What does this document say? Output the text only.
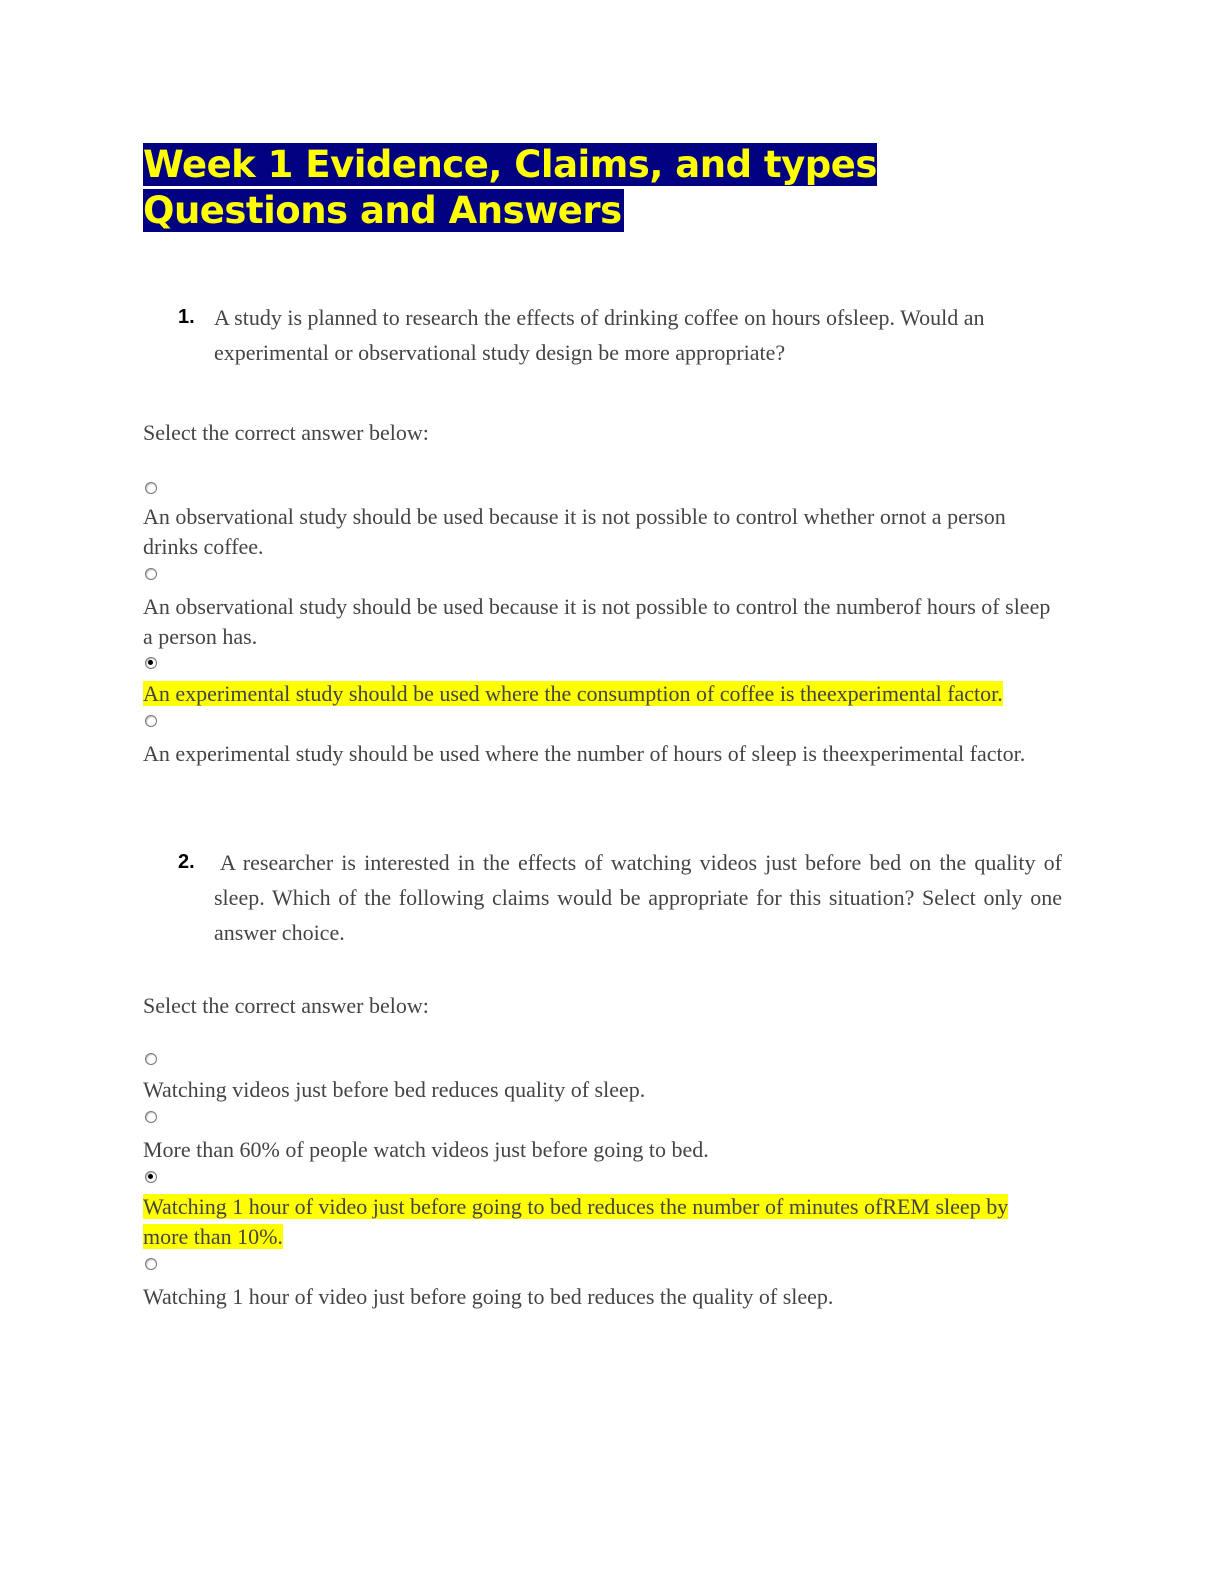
Week 1 Evidence, Claims, and types Questions and Answers
1. A study is planned to research the effects of drinking coffee on hours ofsleep. Would an experimental or observational study design be more appropriate?
Select the correct answer below:
An observational study should be used because it is not possible to control whether ornot a person drinks coffee.
An observational study should be used because it is not possible to control the numberof hours of sleep a person has.
An experimental study should be used where the consumption of coffee is theexperimental factor.
An experimental study should be used where the number of hours of sleep is theexperimental factor.
2. A researcher is interested in the effects of watching videos just before bed on the quality of sleep. Which of the following claims would be appropriate for this situation? Select only one answer choice.
Select the correct answer below:
Watching videos just before bed reduces quality of sleep.
More than 60% of people watch videos just before going to bed.
Watching 1 hour of video just before going to bed reduces the number of minutes ofREM sleep by more than 10%.
Watching 1 hour of video just before going to bed reduces the quality of sleep.
